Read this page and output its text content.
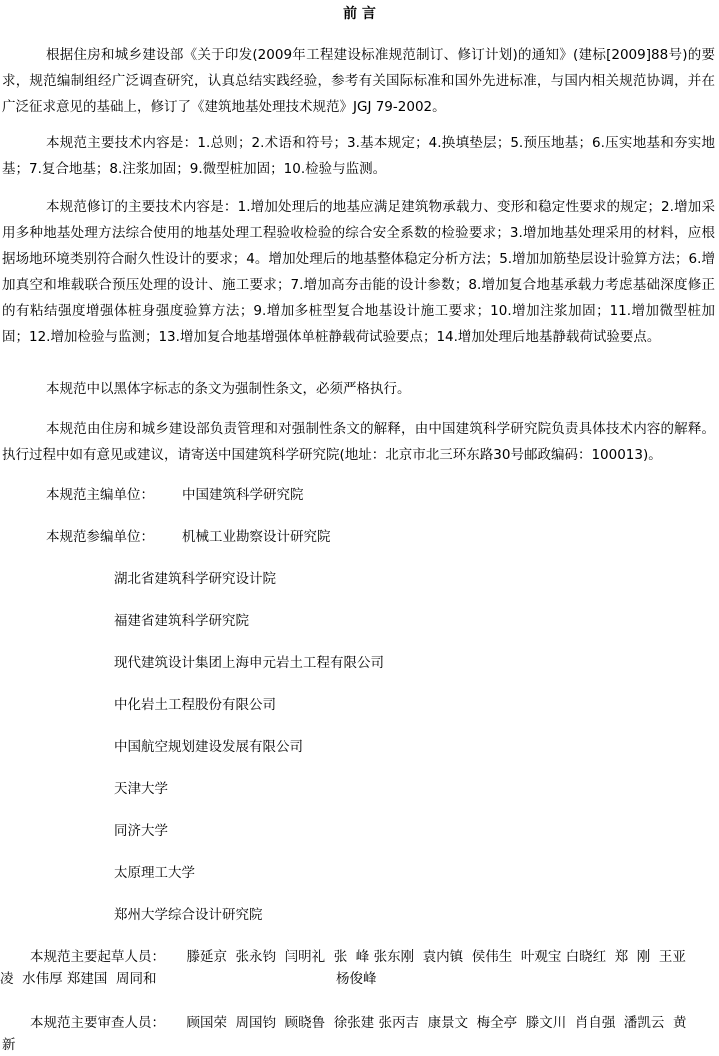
前 言

根据住房和城乡建设部《关于印发(2009年工程建设标准规范制订、修订计划)的通知》(建标[2009]88号)的要求，规范编制组经广泛调查研究，认真总结实践经验，参考有关国际标准和国外先进标准，与国内相关规范协调，并在广泛征求意见的基础上，修订了《建筑地基处理技术规范》JGJ 79-2002。

本规范主要技术内容是：1.总则；2.术语和符号；3.基本规定；4.换填垫层；5.预压地基；6.压实地基和夯实地基；7.复合地基；8.注浆加固；9.微型桩加固；10.检验与监测。

本规范修订的主要技术内容是：1.增加处理后的地基应满足建筑物承载力、变形和稳定性要求的规定；2.增加采用多种地基处理方法综合使用的地基处理工程验收检验的综合安全系数的检验要求；3.增加地基处理采用的材料，应根据场地环境类别符合耐久性设计的要求；4。增加处理后的地基整体稳定分析方法；5.增加加筋垫层设计验算方法；6.增加真空和堆载联合预压处理的设计、施工要求；7.增加高夯击能的设计参数；8.增加复合地基承载力考虑基础深度修正的有粘结强度增强体桩身强度验算方法；9.增加多桩型复合地基设计施工要求；10.增加注浆加固；11.增加微型桩加固；12.增加检验与监测；13.增加复合地基增强体单桩静载荷试验要点；14.增加处理后地基静载荷试验要点。

本规范中以黑体字标志的条文为强制性条文，必须严格执行。

本规范由住房和城乡建设部负责管理和对强制性条文的解释，由中国建筑科学研究院负责具体技术内容的解释。执行过程中如有意见或建议，请寄送中国建筑科学研究院(地址：北京市北三环东路30号邮政编码：100013)。

本规范主编单位： 中国建筑科学研究院
本规范参编单位： 机械工业勘察设计研究院
湖北省建筑科学研究设计院
福建省建筑科学研究院
现代建筑设计集团上海申元岩土工程有限公司
中化岩土工程股份有限公司
中国航空规划建设发展有限公司
天津大学
同济大学
太原理工大学
郑州大学综合设计研究院
本规范主要起草人员：     滕延京  张永钧  闫明礼  张  峰 张东刚  袁内镇  侯伟生  叶观宝 白晓红  郑  刚  王亚
凌  水伟厚 郑建国  周同和	杨俊峰
本规范主要审查人员：     顾国荣  周国钧  顾晓鲁  徐张建 张丙吉  康景文  梅全亭  滕文川  肖自强  潘凯云  黄
新
